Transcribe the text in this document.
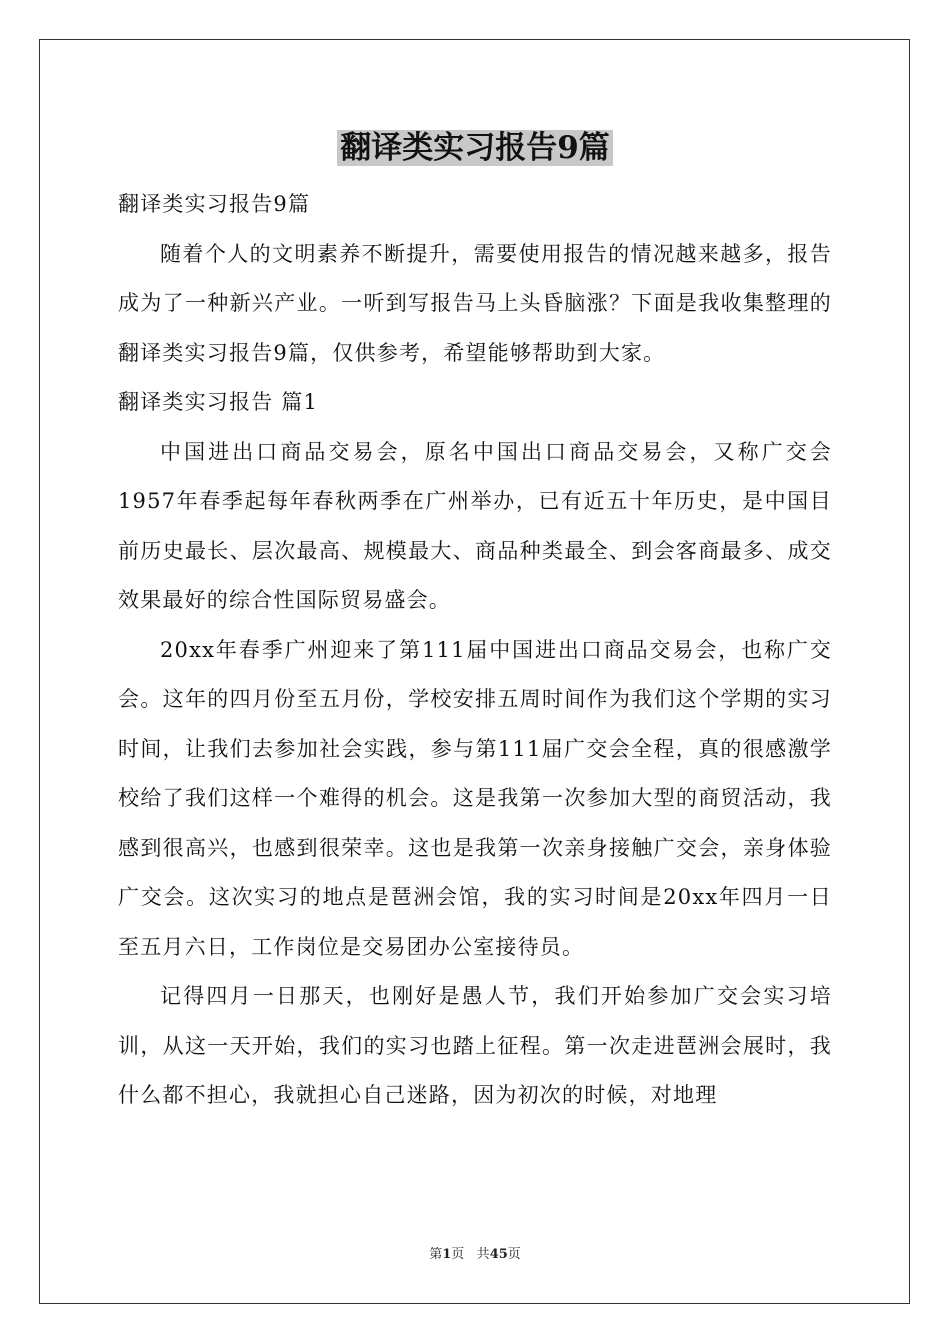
翻译类实习报告9篇

翻译类实习报告9篇

随着个人的文明素养不断提升，需要使用报告的情况越来越多，报告成为了一种新兴产业。一听到写报告马上头昏脑涨？下面是我收集整理的翻译类实习报告9篇，仅供参考，希望能够帮助到大家。

翻译类实习报告 篇1

中国进出口商品交易会，原名中国出口商品交易会，又称广交会1957年春季起每年春秋两季在广州举办，已有近五十年历史，是中国目前历史最长、层次最高、规模最大、商品种类最全、到会客商最多、成交效果最好的综合性国际贸易盛会。

20xx年春季广州迎来了第111届中国进出口商品交易会，也称广交会。这年的四月份至五月份，学校安排五周时间作为我们这个学期的实习时间，让我们去参加社会实践，参与第111届广交会全程，真的很感激学校给了我们这样一个难得的机会。这是我第一次参加大型的商贸活动，我感到很高兴，也感到很荣幸。这也是我第一次亲身接触广交会，亲身体验广交会。这次实习的地点是琶洲会馆，我的实习时间是20xx年四月一日至五月六日，工作岗位是交易团办公室接待员。

记得四月一日那天，也刚好是愚人节，我们开始参加广交会实习培训，从这一天开始，我们的实习也踏上征程。第一次走进琶洲会展时，我什么都不担心，我就担心自己迷路，因为初次的时候，对地理

第1页 共45页
